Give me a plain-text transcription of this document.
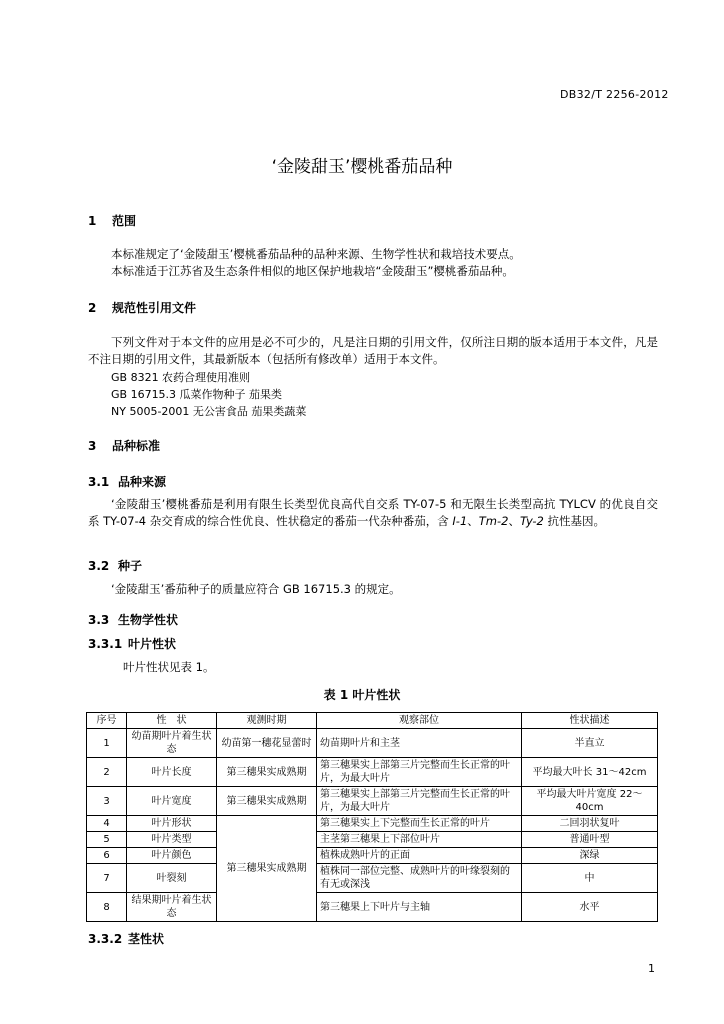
DB32/T 2256-2012
‘金陵甜玉’樱桃番茄品种
1 范围
本标准规定了‘金陵甜玉’樱桃番茄品种的品种来源、生物学性状和栽培技术要点。
本标准适于江苏省及生态条件相似的地区保护地栽培“金陵甜玉”樱桃番茄品种。
2 规范性引用文件
下列文件对于本文件的应用是必不可少的，凡是注日期的引用文件，仅所注日期的版本适用于本文件，凡是不注日期的引用文件，其最新版本（包括所有修改单）适用于本文件。
GB 8321 农药合理使用准则
GB 16715.3 瓜菜作物种子 茄果类
NY 5005-2001 无公害食品 茄果类蔬菜
3 品种标准
3.1 品种来源
‘金陵甜玉’樱桃番茄是利用有限生长类型优良高代自交系 TY-07-5 和无限生长类型高抗 TYLCV 的优良自交系 TY-07-4 杂交育成的综合性优良、性状稳定的番茄一代杂种番茄，含 I-1、Tm-2、Ty-2 抗性基因。
3.2 种子
‘金陵甜玉’番茄种子的质量应符合 GB 16715.3 的规定。
3.3 生物学性状
3.3.1 叶片性状
叶片性状见表 1。
表 1 叶片性状
序号	性　状	观测时期	观察部位	性状描述
1	幼苗期叶片着生状态	幼苗第一穗花显蕾时	幼苗期叶片和主茎	半直立
2	叶片长度	第三穗果实成熟期	第三穗果实上部第三片完整而生长正常的叶片，为最大叶片	平均最大叶长 31～42cm
3	叶片宽度	第三穗果实成熟期	第三穗果实上部第三片完整而生长正常的叶片，为最大叶片	平均最大叶片宽度 22～40cm
4	叶片形状	第三穗果实成熟期	第三穗果实上下完整而生长正常的叶片	二回羽状复叶
5	叶片类型		主茎第三穗果上下部位叶片	普通叶型
6	叶片颜色		植株成熟叶片的正面	深绿
7	叶裂刻		植株同一部位完整、成熟叶片的叶缘裂刻的有无或深浅	中
8	结果期叶片着生状态		第三穗果上下叶片与主轴	水平
3.3.2 茎性状
1
